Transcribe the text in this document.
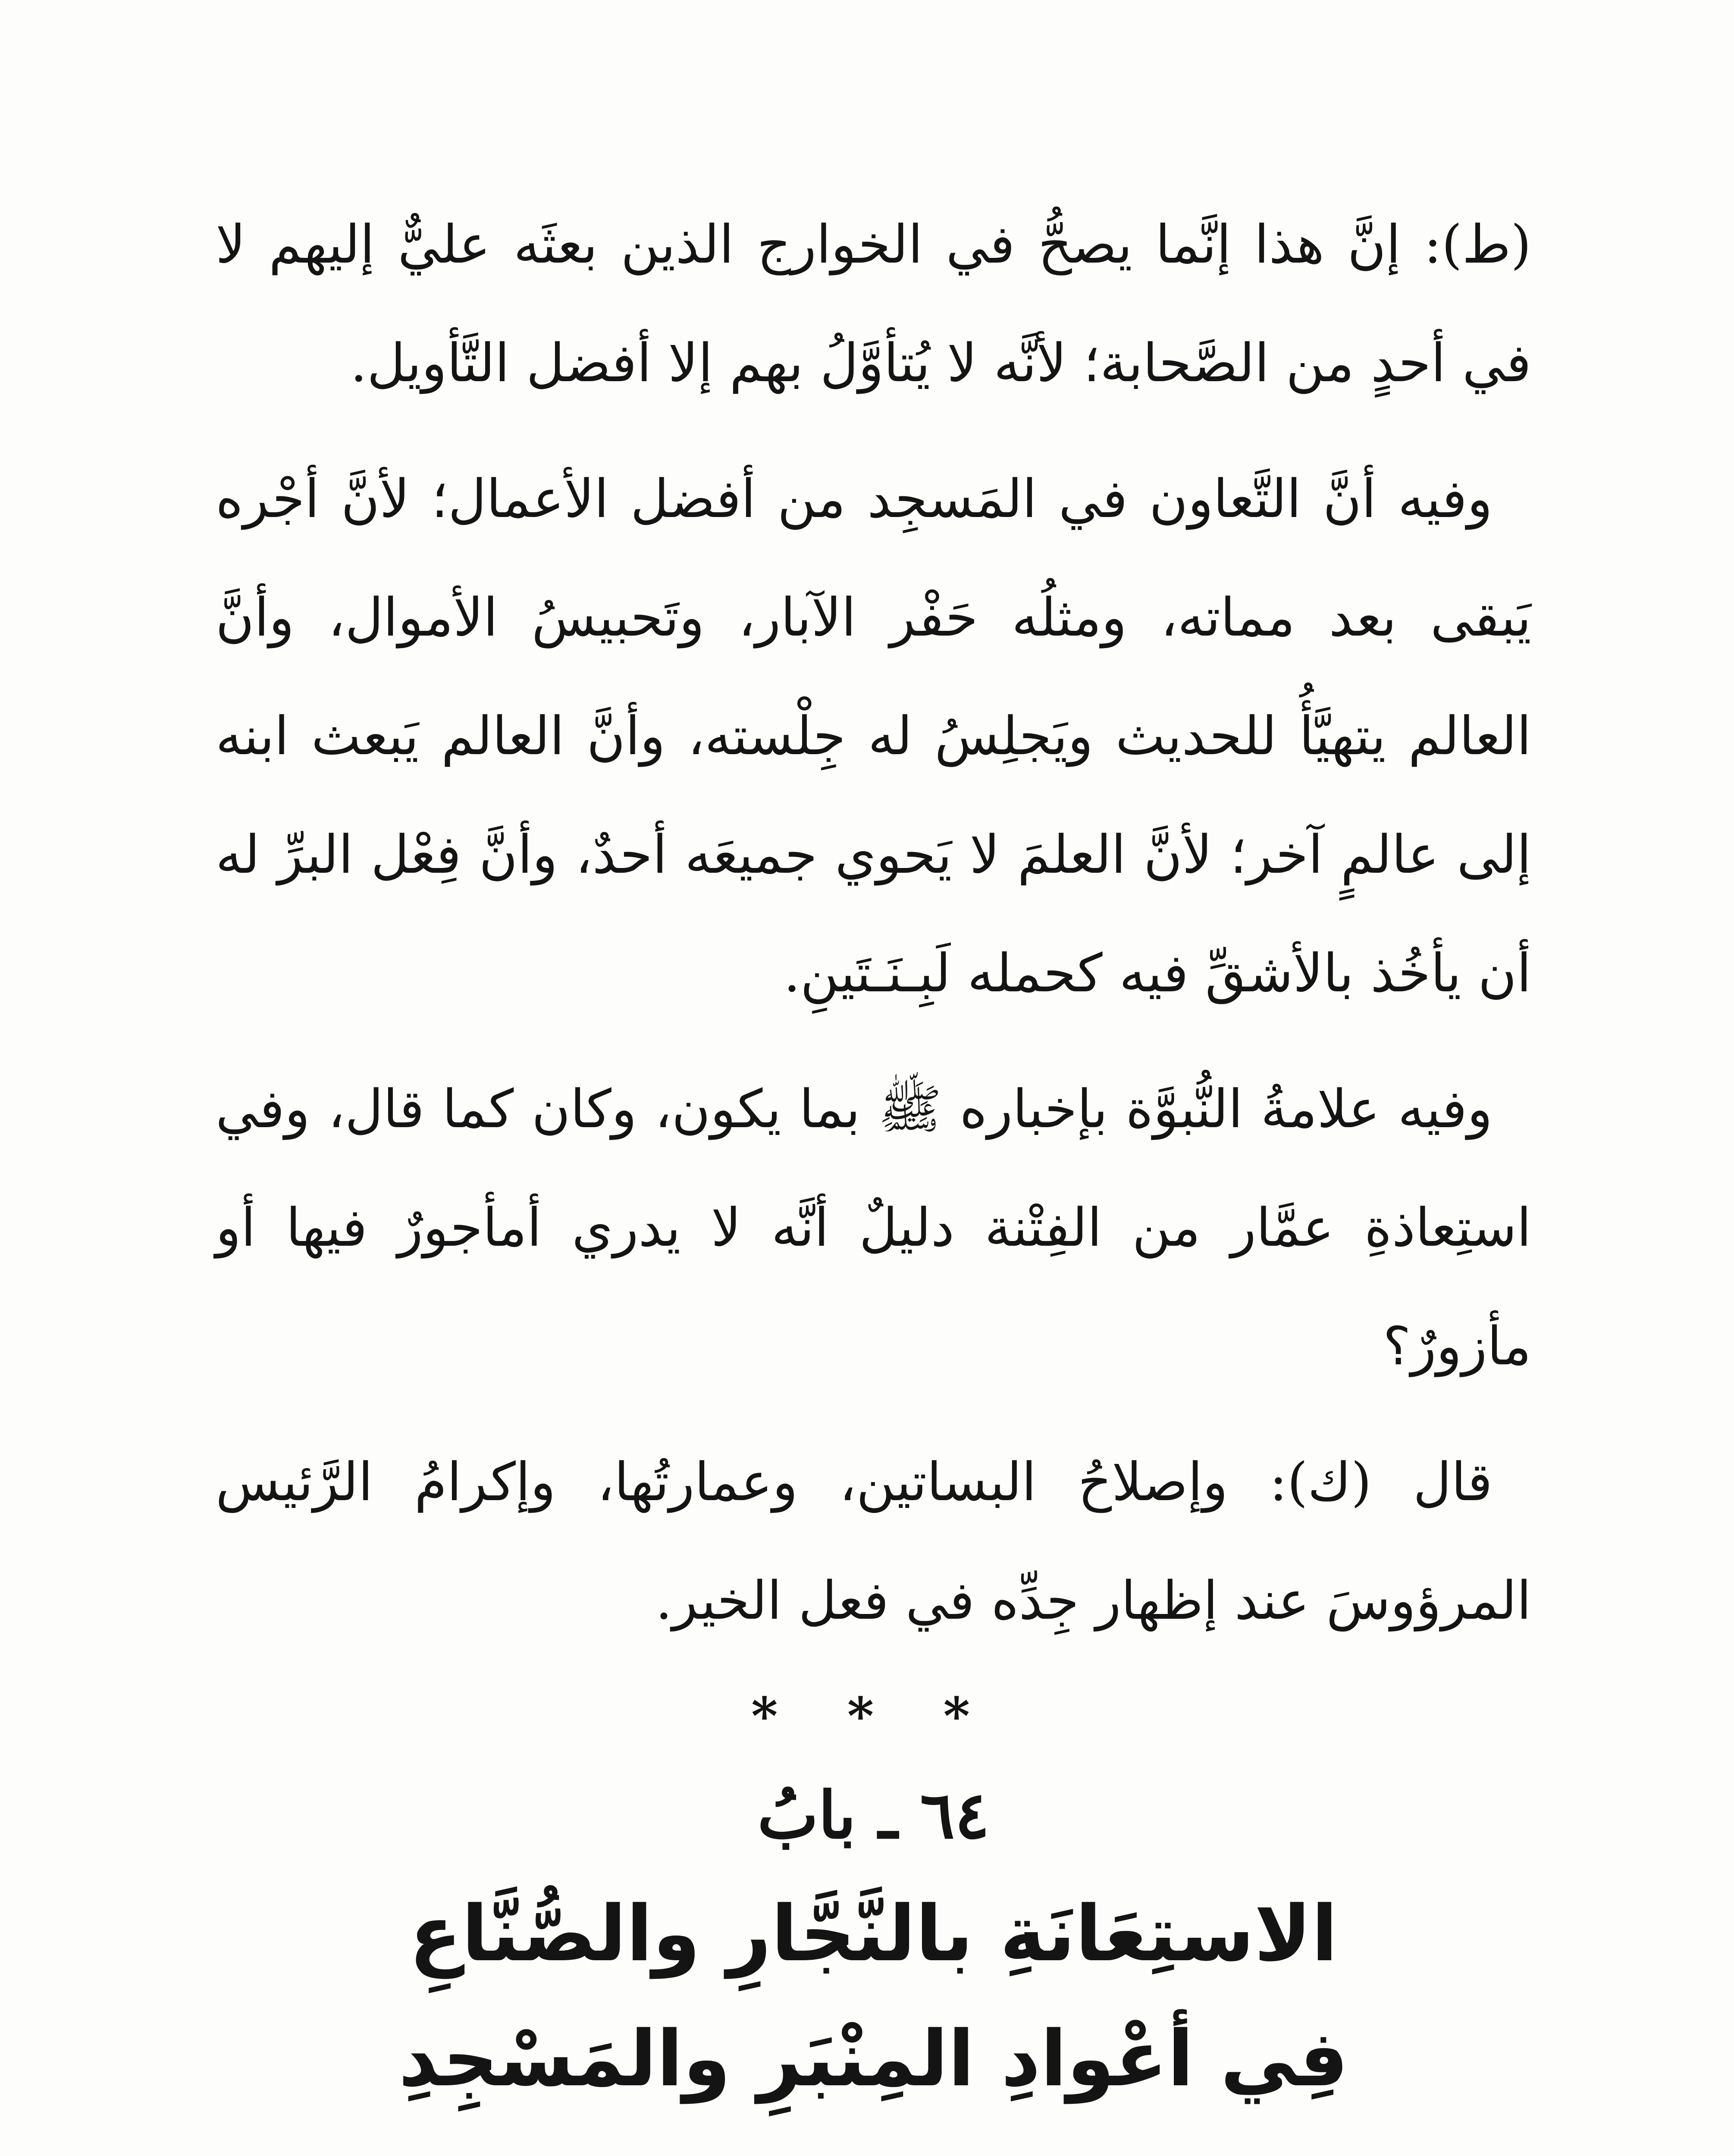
(ط): إنَّ هذا إنَّما يصحُّ في الخوارج الذين بعثَه عليٌّ إليهم لا في أحدٍ من الصَّحابة؛ لأنَّه لا يُتأوَّلُ بهم إلا أفضل التَّأويل.

وفيه أنَّ التَّعاون في المَسجِد من أفضل الأعمال؛ لأنَّ أجْره يَبقى بعد مماته، ومثلُه حَفْر الآبار، وتَحبيسُ الأموال، وأنَّ العالم يتهيَّأُ للحديث ويَجلِسُ له جِلْسته، وأنَّ العالم يَبعث ابنه إلى عالمٍ آخر؛ لأنَّ العلمَ لا يَحوي جميعَه أحدٌ، وأنَّ فِعْل البرِّ له أن يأخُذ بالأشقِّ فيه كحمله لَبِـنَـتَينِ.

وفيه علامةُ النُّبوَّة بإخباره ﷺ بما يكون، وكان كما قال، وفي استِعاذةِ عمَّار من الفِتْنة دليلٌ أنَّه لا يدري أمأجورٌ فيها أو مأزورٌ؟

قال (ك): وإصلاحُ البساتين، وعمارتُها، وإكرامُ الرَّئيس المرؤوسَ عند إظهار جِدِّه في فعل الخير.

* * *
٦٤ ـ بابُ
الاستِعَانَةِ بالنَّجَّارِ والصُّنَّاعِ
فِي أعْوادِ المِنْبَرِ والمَسْجِدِ
